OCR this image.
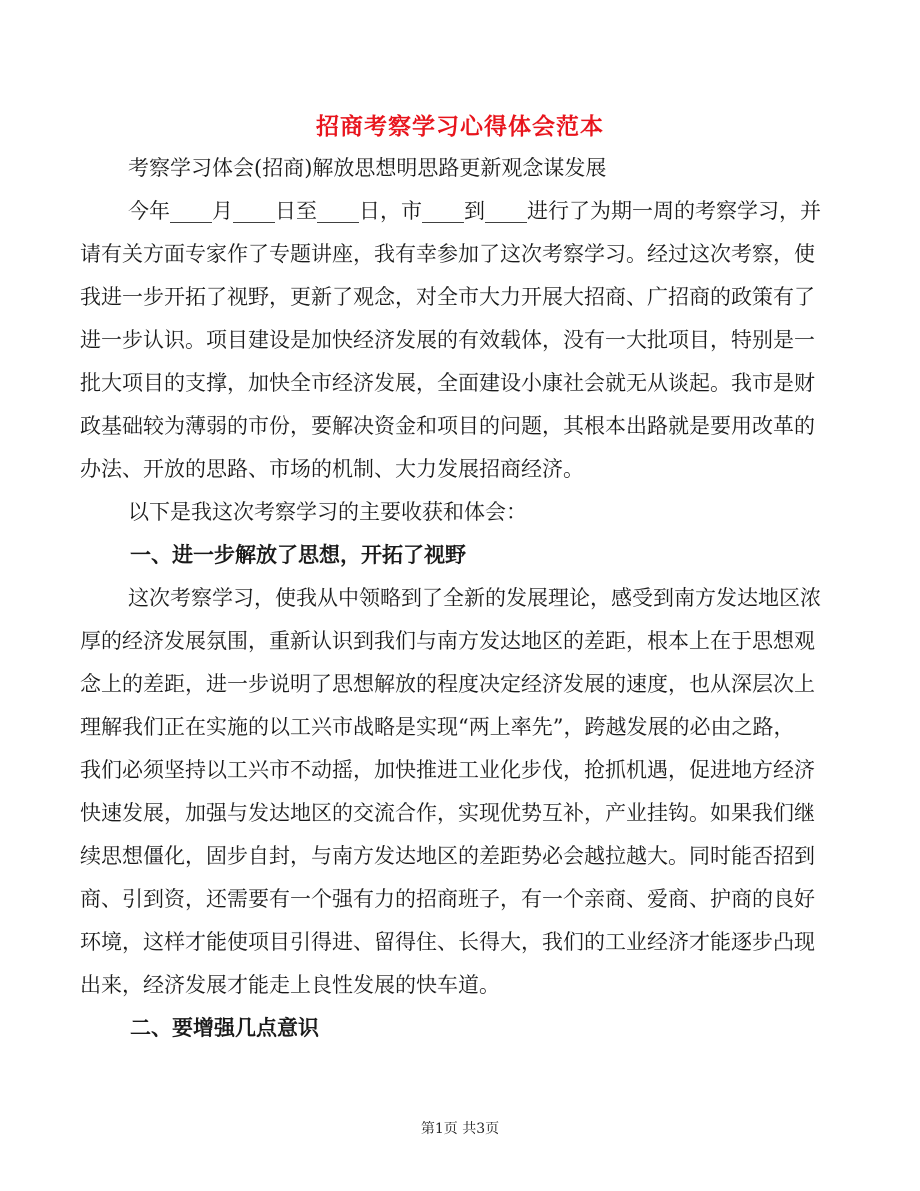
招商考察学习心得体会范本
考察学习体会(招商)解放思想明思路更新观念谋发展
今年____月____日至____日，市____到____进行了为期一周的考察学习，并
请有关方面专家作了专题讲座，我有幸参加了这次考察学习。经过这次考察，使
我进一步开拓了视野，更新了观念，对全市大力开展大招商、广招商的政策有了
进一步认识。项目建设是加快经济发展的有效载体，没有一大批项目，特别是一
批大项目的支撑，加快全市经济发展，全面建设小康社会就无从谈起。我市是财
政基础较为薄弱的市份，要解决资金和项目的问题，其根本出路就是要用改革的
办法、开放的思路、市场的机制、大力发展招商经济。
以下是我这次考察学习的主要收获和体会：
一、进一步解放了思想，开拓了视野
这次考察学习，使我从中领略到了全新的发展理论，感受到南方发达地区浓
厚的经济发展氛围，重新认识到我们与南方发达地区的差距，根本上在于思想观
念上的差距，进一步说明了思想解放的程度决定经济发展的速度，也从深层次上
理解我们正在实施的以工兴市战略是实现“两上率先”，跨越发展的必由之路，
我们必须坚持以工兴市不动摇，加快推进工业化步伐，抢抓机遇，促进地方经济
快速发展，加强与发达地区的交流合作，实现优势互补，产业挂钩。如果我们继
续思想僵化，固步自封，与南方发达地区的差距势必会越拉越大。同时能否招到
商、引到资，还需要有一个强有力的招商班子，有一个亲商、爱商、护商的良好
环境，这样才能使项目引得进、留得住、长得大，我们的工业经济才能逐步凸现
出来，经济发展才能走上良性发展的快车道。
二、要增强几点意识
第1页 共3页
